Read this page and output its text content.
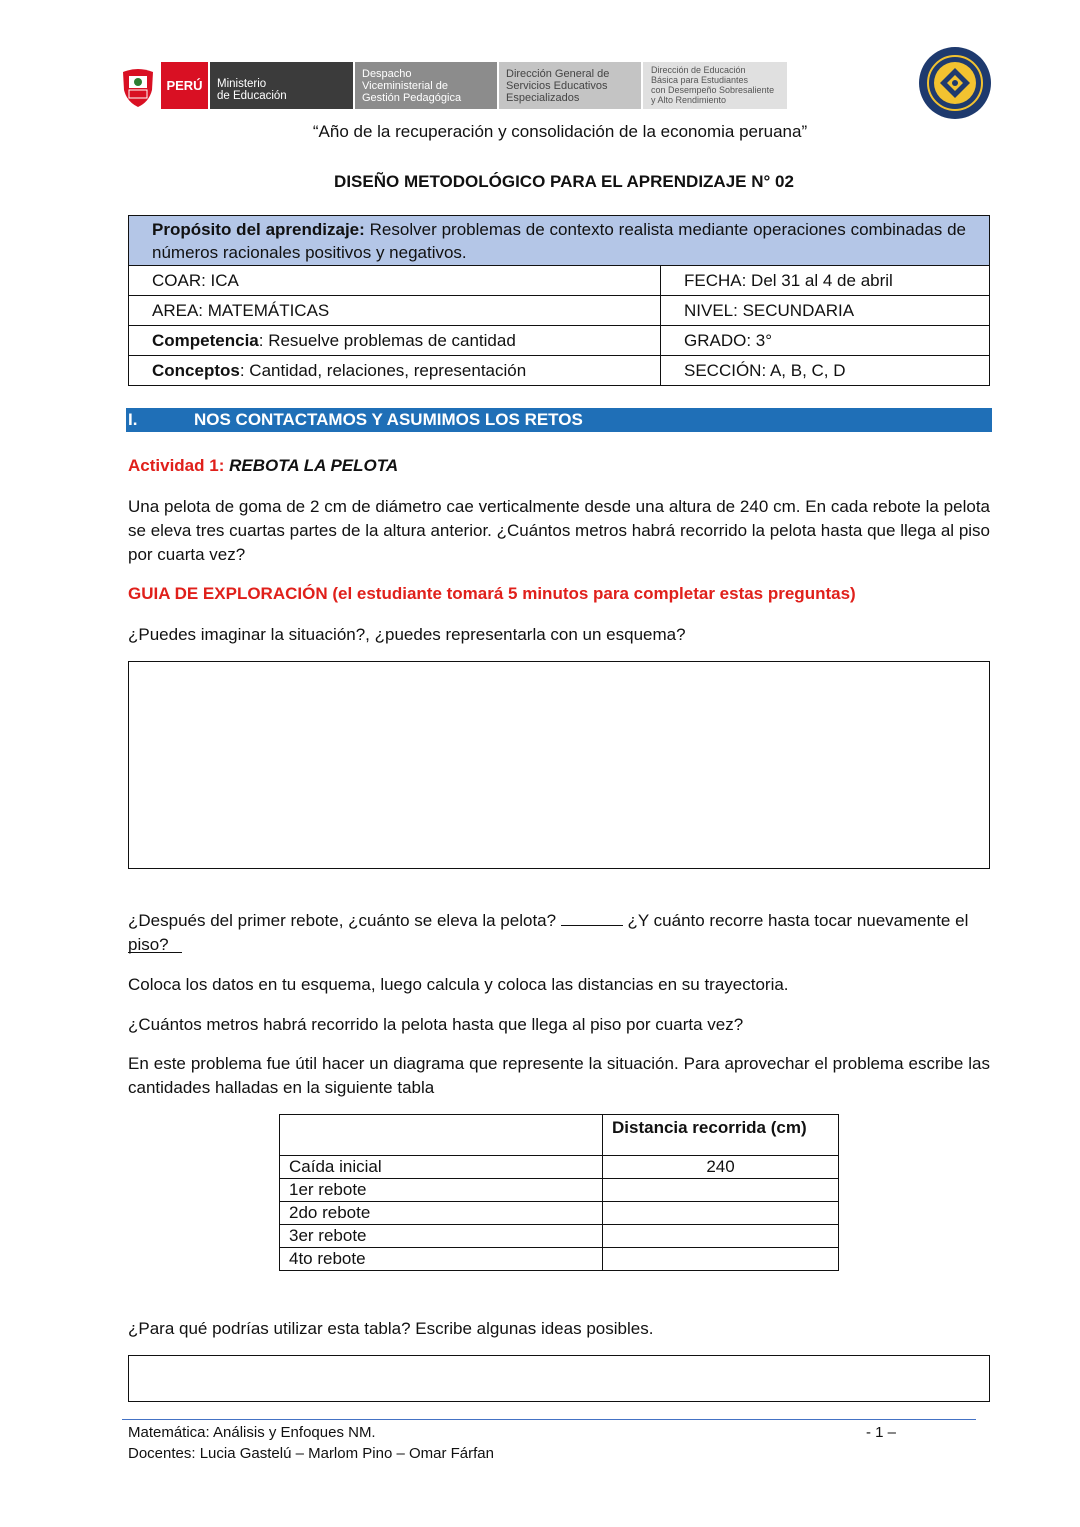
PERÚ Ministerio
de Educación
Despacho
Viceministerial de
Gestión Pedagógica
Dirección General de
Servicios Educativos
Especializados
Dirección de Educación
Básica para Estudiantes
con Desempeño Sobresaliente
y Alto Rendimiento
“Año de la recuperación y consolidación de la economia peruana”
DISEÑO METODOLÓGICO PARA EL APRENDIZAJE N° 02
Propósito del aprendizaje: Resolver problemas de contexto realista mediante operaciones combinadas de números racionales positivos y negativos.	
COAR: ICA	FECHA: Del 31 al 4 de abril
AREA: MATEMÁTICAS	NIVEL: SECUNDARIA
Competencia: Resuelve problemas de cantidad	GRADO: 3°
Conceptos: Cantidad, relaciones, representación	SECCIÓN: A, B, C, D
I.	NOS CONTACTAMOS Y ASUMIMOS LOS RETOS
Actividad 1: REBOTA LA PELOTA
Una pelota de goma de 2 cm de diámetro cae verticalmente desde una altura de 240 cm. En cada rebote la pelota se eleva tres cuartas partes de la altura anterior. ¿Cuántos metros habrá recorrido la pelota hasta que llega al piso por cuarta vez?
GUIA DE EXPLORACIÓN (el estudiante tomará 5 minutos para completar estas preguntas)
¿Puedes imaginar la situación?, ¿puedes representarla con un esquema?
¿Después del primer rebote, ¿cuánto se eleva la pelota?	¿Y cuánto recorre hasta tocar nuevamente el piso?
Coloca los datos en tu esquema, luego calcula y coloca las distancias en su trayectoria.
¿Cuántos metros habrá recorrido la pelota hasta que llega al piso por cuarta vez?
En este problema fue útil hacer un diagrama que represente la situación. Para aprovechar el problema escribe las cantidades halladas en la siguiente tabla
	Distancia recorrida (cm)
Caída inicial	240
1er rebote	
2do rebote	
3er rebote	
4to rebote	
¿Para qué podrías utilizar esta tabla? Escribe algunas ideas posibles.
Matemática: Análisis y Enfoques NM.
Docentes: Lucia Gastelú – Marlom Pino – Omar Fárfan
- 1 –
